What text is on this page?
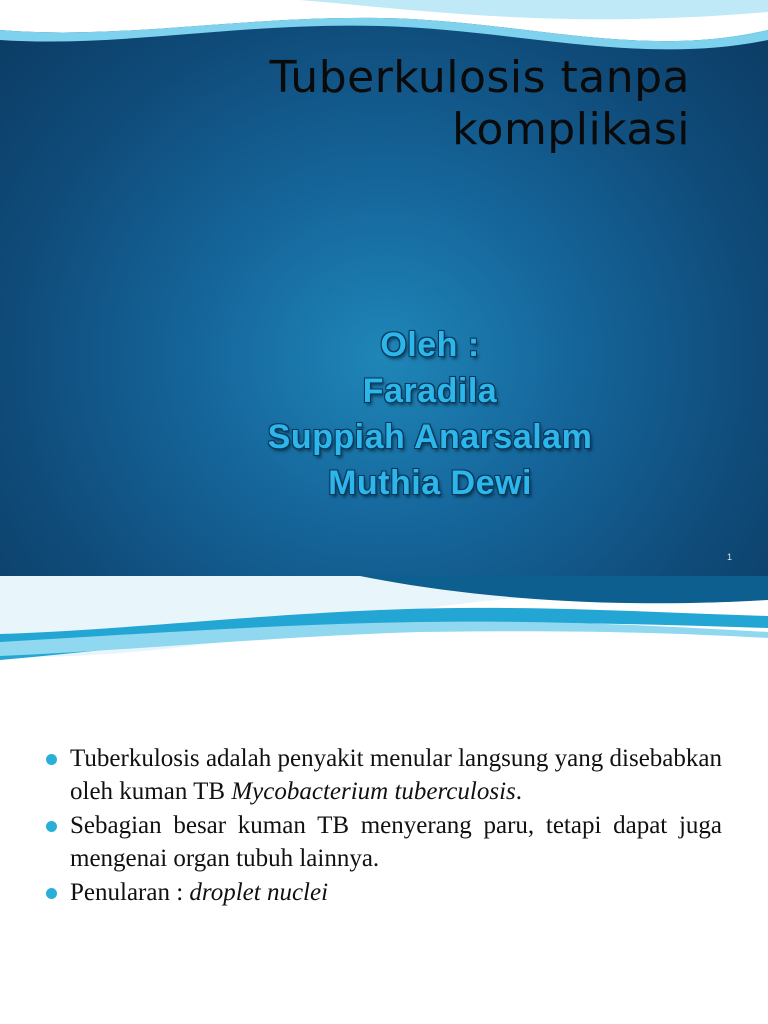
Tuberkulosis tanpa
komplikasi
Oleh :
Faradila
Suppiah Anarsalam
Muthia Dewi
1
Tuberkulosis adalah penyakit menular langsung yang disebabkan oleh kuman TB Mycobacterium tuberculosis.
Sebagian besar kuman TB menyerang paru, tetapi dapat juga mengenai organ tubuh lainnya.
Penularan : droplet nuclei
